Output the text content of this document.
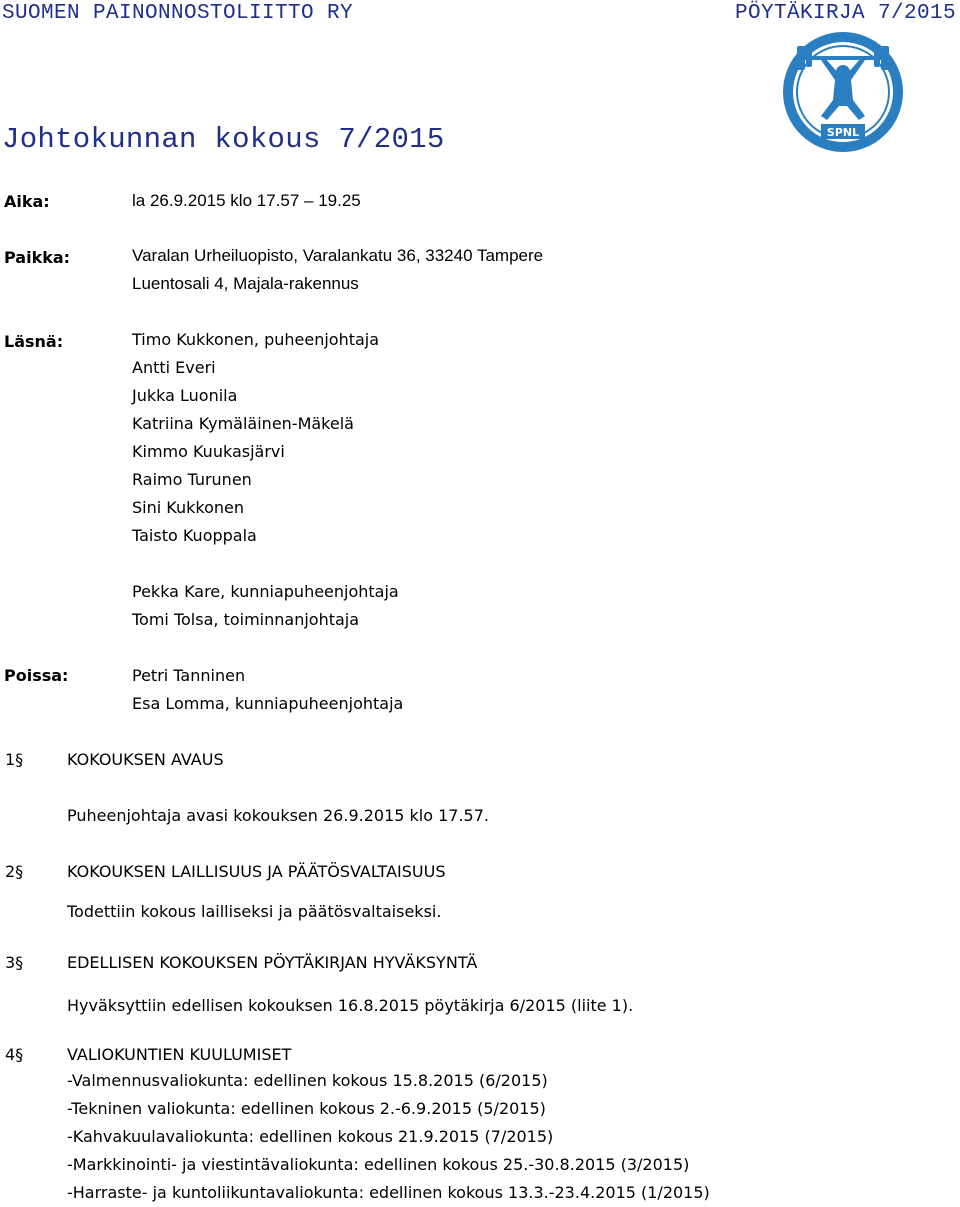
SUOMEN PAINONNOSTOLIITTO RY	PÖYTÄKIRJA 7/2015
SPNL
Johtokunnan kokous 7/2015
Aika:	la 26.9.2015 klo 17.57 – 19.25
Paikka:	Varalan Urheiluopisto, Varalankatu 36, 33240 Tampere
Luentosali 4, Majala-rakennus
Läsnä:	Timo Kukkonen, puheenjohtaja
Antti Everi
Jukka Luonila
Katriina Kymäläinen-Mäkelä
Kimmo Kuukasjärvi
Raimo Turunen
Sini Kukkonen
Taisto Kuoppala
Pekka Kare, kunniapuheenjohtaja
Tomi Tolsa, toiminnanjohtaja
Poissa:	Petri Tanninen
Esa Lomma, kunniapuheenjohtaja
1§	KOKOUKSEN AVAUS
Puheenjohtaja avasi kokouksen 26.9.2015 klo 17.57.
2§	KOKOUKSEN LAILLISUUS JA PÄÄTÖSVALTAISUUS
Todettiin kokous lailliseksi ja päätösvaltaiseksi.
3§	EDELLISEN KOKOUKSEN PÖYTÄKIRJAN HYVÄKSYNTÄ
Hyväksyttiin edellisen kokouksen 16.8.2015 pöytäkirja 6/2015 (liite 1).
4§	VALIOKUNTIEN KUULUMISET
-Valmennusvaliokunta: edellinen kokous 15.8.2015 (6/2015)
-Tekninen valiokunta: edellinen kokous 2.-6.9.2015 (5/2015)
-Kahvakuulavaliokunta: edellinen kokous 21.9.2015 (7/2015)
-Markkinointi- ja viestintävaliokunta: edellinen kokous 25.-30.8.2015 (3/2015)
-Harraste- ja kuntoliikuntavaliokunta: edellinen kokous 13.3.-23.4.2015 (1/2015)
